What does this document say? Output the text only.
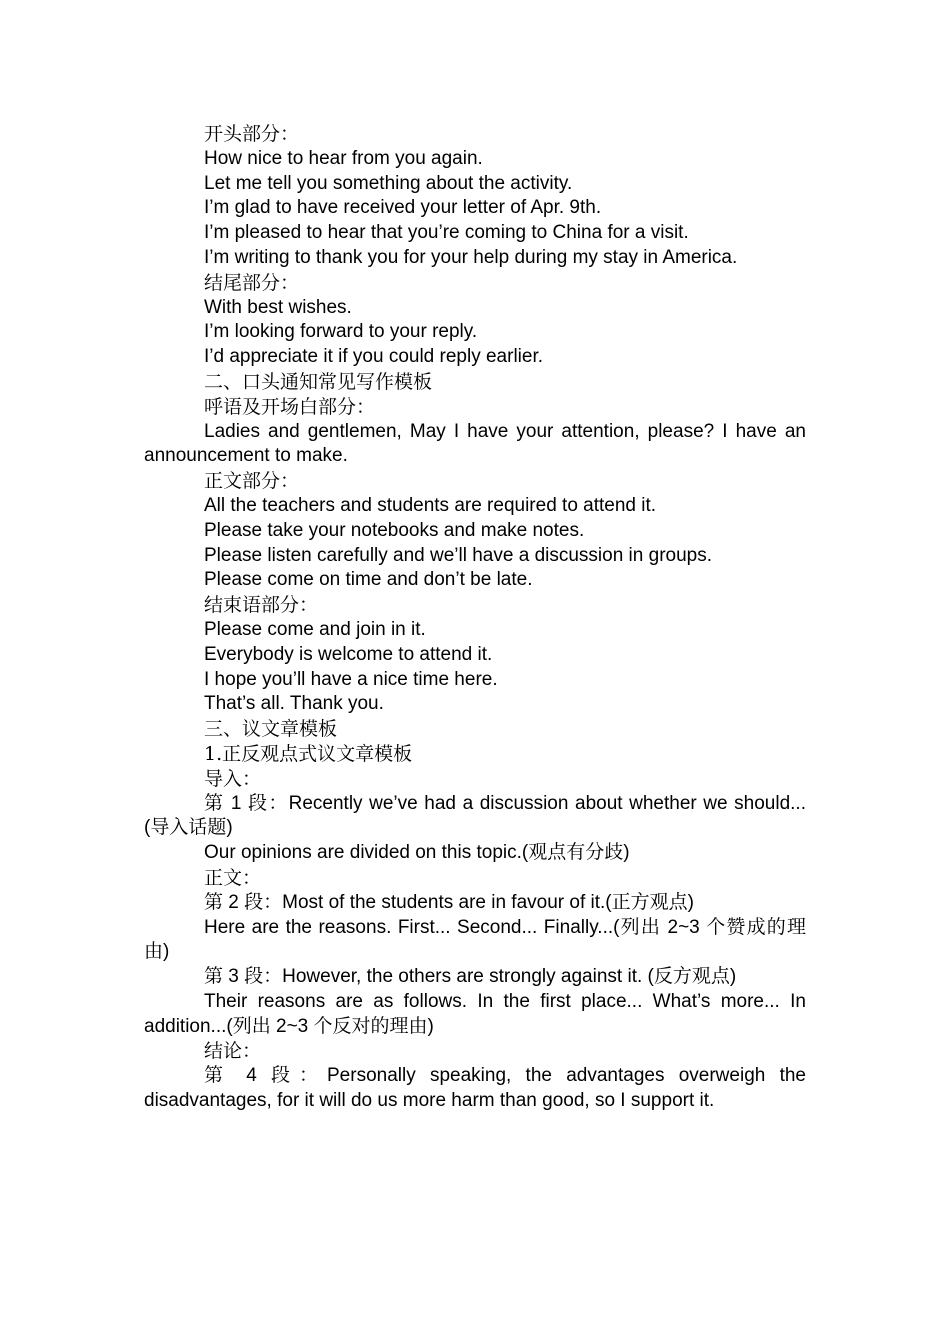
开头部分：

How nice to hear from you again.

Let me tell you something about the activity.

I’m glad to have received your letter of Apr. 9th.

I’m pleased to hear that you’re coming to China for a visit.

I’m writing to thank you for your help during my stay in America.

结尾部分：

With best wishes.

I’m looking forward to your reply.

I’d appreciate it if you could reply earlier.

二、口头通知常见写作模板

呼语及开场白部分：

Ladies and gentlemen, May I have your attention, please? I have an announcement to make.

正文部分：

All the teachers and students are required to attend it.

Please take your notebooks and make notes.

Please listen carefully and we’ll have a discussion in groups.

Please come on time and don’t be late.

结束语部分：

Please come and join in it.

Everybody is welcome to attend it.

I hope you’ll have a nice time here.

That’s all. Thank you.

三、议文章模板

1.正反观点式议文章模板

导入：

第 1 段：Recently we’ve had a discussion about whether we should... (导入话题)

Our opinions are divided on this topic.(观点有分歧)

正文：

第 2 段：Most of the students are in favour of it.(正方观点)

Here are the reasons. First... Second... Finally...(列出 2~3 个赞成的理由)

第 3 段：However, the others are strongly against it. (反方观点)

Their reasons are as follows. In the first place... What’s more... In addition...(列出 2~3 个反对的理由)

结论：

第 4 段：Personally speaking, the advantages overweigh the disadvantages, for it will do us more harm than good, so I support it.
